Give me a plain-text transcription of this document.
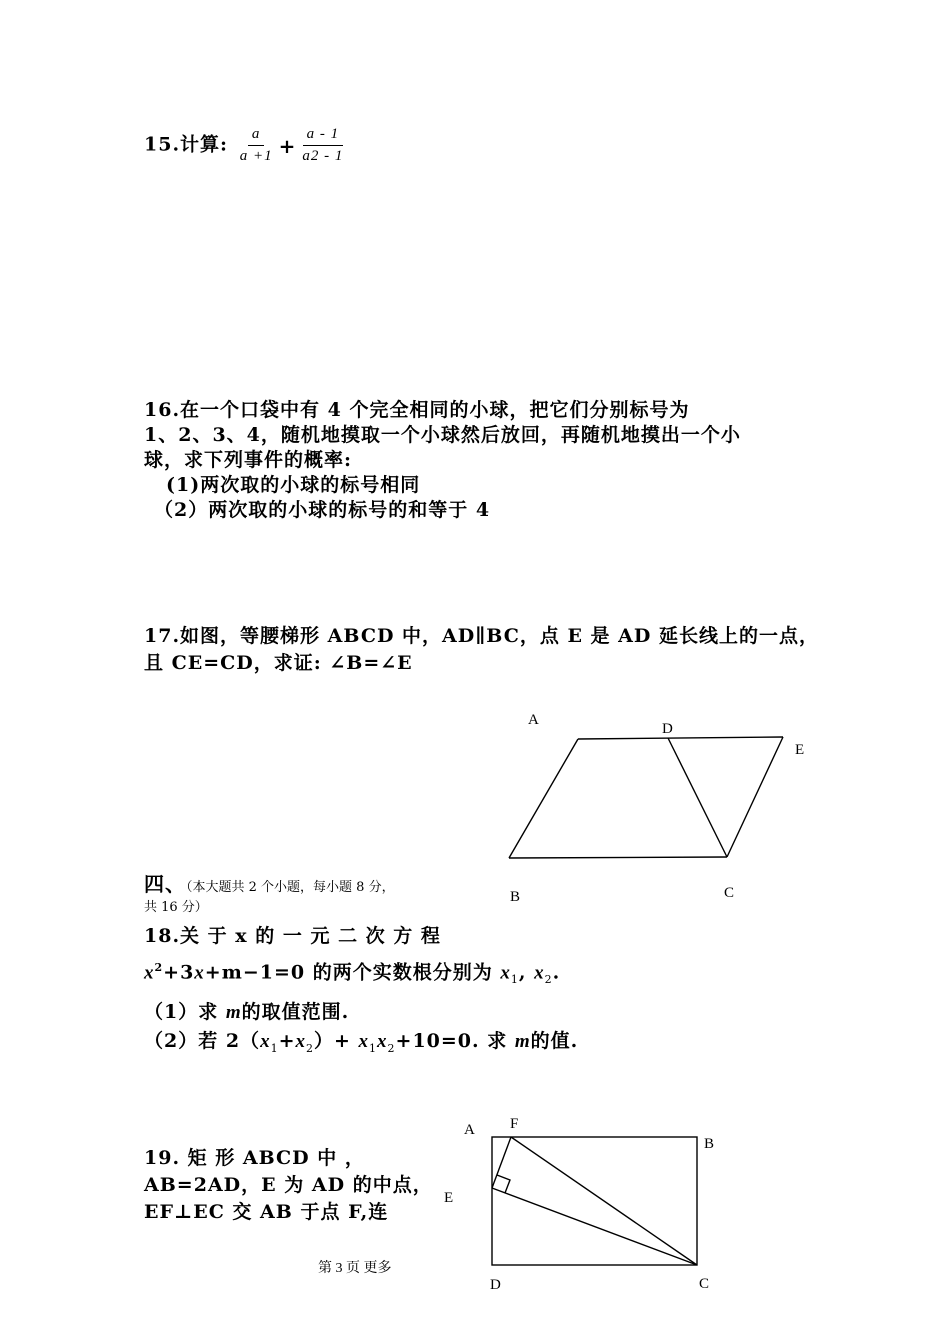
15.计算: $\frac{a}{a +1} + \frac{a - 1}{a2 - 1}$
16.在一个口袋中有 4 个完全相同的小球，把它们分别标号为
1、2、3、4，随机地摸取一个小球然后放回，再随机地摸出一个小
球，求下列事件的概率:
(1)两次取的小球的标号相同
（2）两次取的小球的标号的和等于 4
17.如图，等腰梯形 ABCD 中，AD∥BC，点 E 是 AD 延长线上的一点，
且 CE=CD，求证: ∠B=∠E
A
D
E
B	C
四、（本大题共 2 个小题，每小题 8 分，
共 16 分）
18.关 于 x 的 一 元 二 次 方 程
$x^2+3x+m-1=0$ 的两个实数根分别为 $x_1$, $x_2$.
（1）求 m的取值范围.
（2）若 $2(x_1+x_2)+ x_1x_2+10=0$. 求 m的值.
19. 矩 形 ABCD 中 ，
AB=2AD，E 为 AD 的中点，
EF⊥EC 交 AB 于点 F,连
A F
B
E
D	C
第 3 页 更多
